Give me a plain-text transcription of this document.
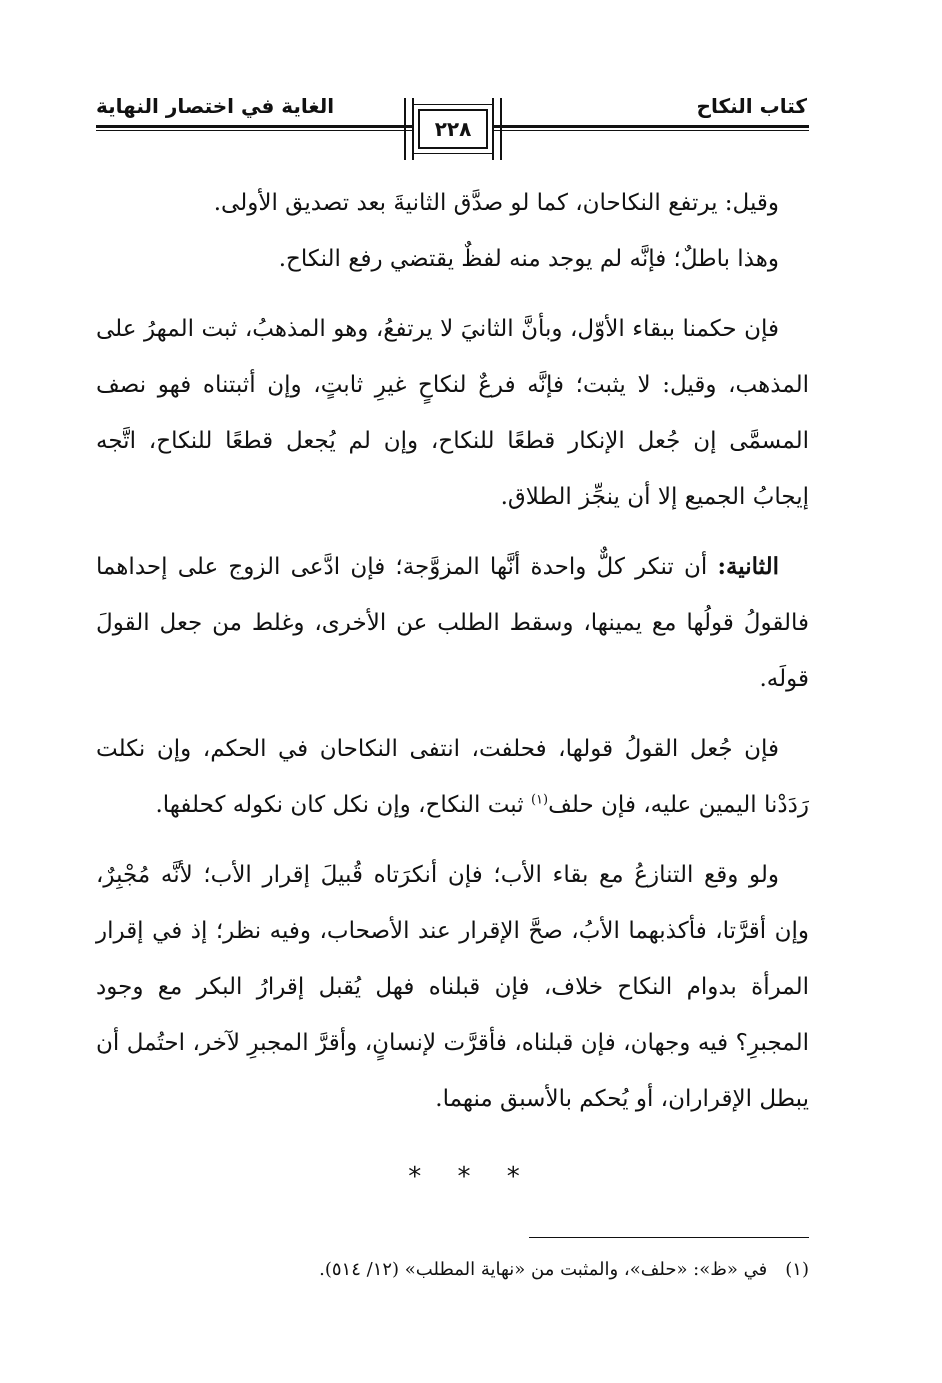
كتاب النكاح
الغاية في اختصار النهاية
٢٢٨

وقيل: يرتفع النكاحان، كما لو صدَّق الثانيةَ بعد تصديق الأولى.

وهذا باطلٌ؛ فإنَّه لم يوجد منه لفظٌ يقتضي رفع النكاح.

فإن حكمنا ببقاء الأوّل، وبأنَّ الثانيَ لا يرتفعُ، وهو المذهبُ، ثبت المهرُ على المذهب، وقيل: لا يثبت؛ فإنَّه فرعٌ لنكاحٍ غيرِ ثابتٍ، وإن أثبتناه فهو نصف المسمَّى إن جُعل الإنكار قطعًا للنكاح، وإن لم يُجعل قطعًا للنكاح، اتَّجه إيجابُ الجميع إلا أن ينجِّز الطلاق.

الثانية: أن تنكر كلٌّ واحدة أنَّها المزوَّجة؛ فإن ادَّعى الزوج على إحداهما فالقولُ قولُها مع يمينها، وسقط الطلب عن الأخرى، وغلط من جعل القولَ قولَه.

فإن جُعل القولُ قولها، فحلفت، انتفى النكاحان في الحكم، وإن نكلت رَدَدْنا اليمين عليه، فإن حلف$^{(١)}$ ثبت النكاح، وإن نكل كان نكوله كحلفها.

ولو وقع التنازعُ مع بقاء الأب؛ فإن أنكرَتاه قُبيلَ إقرار الأب؛ لأنَّه مُجْبِرٌ، وإن أقرَّتا، فأكذبهما الأبُ، صحَّ الإقرار عند الأصحاب، وفيه نظر؛ إذ في إقرار المرأة بدوام النكاح خلاف، فإن قبلناه فهل يُقبل إقرارُ البكر مع وجود المجبرِ؟ فيه وجهان، فإن قبلناه، فأقرَّت لإنسانٍ، وأقرَّ المجبرِ لآخر، احتُمل أن يبطل الإقراران، أو يُحكم بالأسبق منهما.

* * *
(١)في «ظ»: «حلف»، والمثبت من «نهاية المطلب» (١٢/ ٥١٤).
